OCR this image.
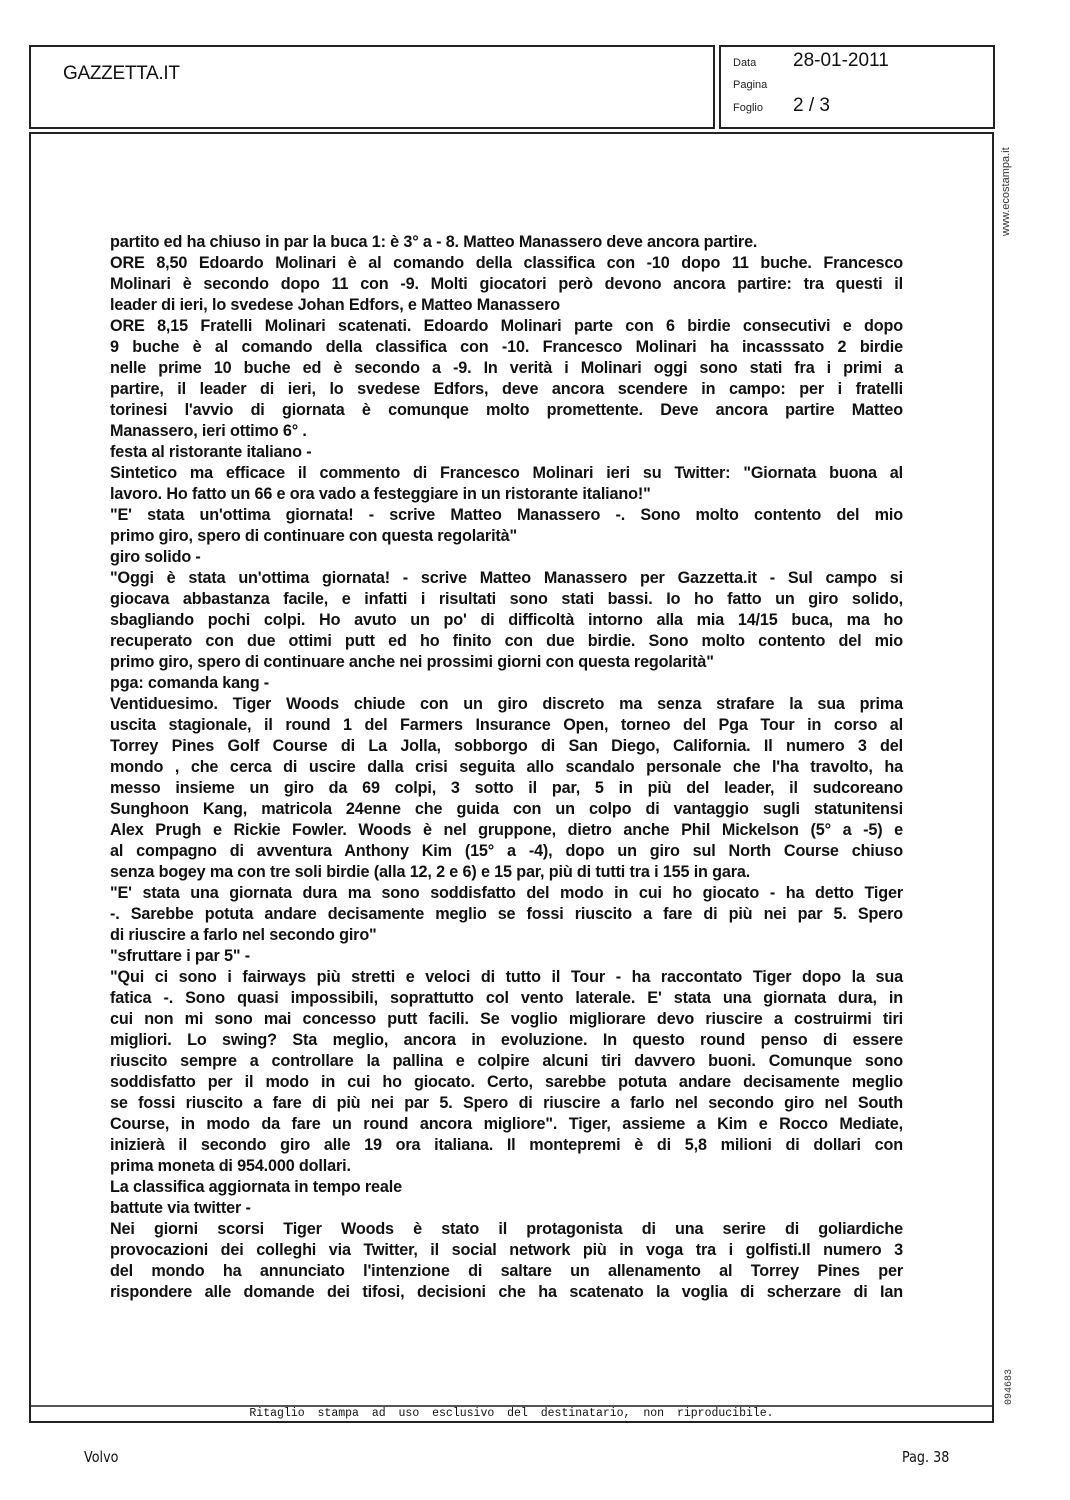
GAZZETTA.IT	Data 28-01-2011
Pagina
Foglio 2 / 3
www.ecostampa.it
094683
Ritaglio stampa ad uso esclusivo del destinatario, non riproducibile.
partito ed ha chiuso in par la buca 1: è 3° a - 8. Matteo Manassero deve ancora partire.
ORE 8,50 Edoardo Molinari è al comando della classifica con -10 dopo 11 buche. Francesco
Molinari è secondo dopo 11 con -9. Molti giocatori però devono ancora partire: tra questi il
leader di ieri, lo svedese Johan Edfors, e Matteo Manassero
ORE 8,15 Fratelli Molinari scatenati. Edoardo Molinari parte con 6 birdie consecutivi e dopo
9 buche è al comando della classifica con -10. Francesco Molinari ha incasssato 2 birdie
nelle prime 10 buche ed è secondo a -9. In verità i Molinari oggi sono stati fra i primi a
partire, il leader di ieri, lo svedese Edfors, deve ancora scendere in campo: per i fratelli
torinesi l'avvio di giornata è comunque molto promettente. Deve ancora partire Matteo
Manassero, ieri ottimo 6° .
festa al ristorante italiano -
Sintetico ma efficace il commento di Francesco Molinari ieri su Twitter: "Giornata buona al
lavoro. Ho fatto un 66 e ora vado a festeggiare in un ristorante italiano!"
"E' stata un'ottima giornata! - scrive Matteo Manassero -. Sono molto contento del mio
primo giro, spero di continuare con questa regolarità"
giro solido -
"Oggi è stata un'ottima giornata! - scrive Matteo Manassero per Gazzetta.it - Sul campo si
giocava abbastanza facile, e infatti i risultati sono stati bassi. Io ho fatto un giro solido,
sbagliando pochi colpi. Ho avuto un po' di difficoltà intorno alla mia 14/15 buca, ma ho
recuperato con due ottimi putt ed ho finito con due birdie. Sono molto contento del mio
primo giro, spero di continuare anche nei prossimi giorni con questa regolarità"
pga: comanda kang -
Ventiduesimo. Tiger Woods chiude con un giro discreto ma senza strafare la sua prima
uscita stagionale, il round 1 del Farmers Insurance Open, torneo del Pga Tour in corso al
Torrey Pines Golf Course di La Jolla, sobborgo di San Diego, California. Il numero 3 del
mondo , che cerca di uscire dalla crisi seguita allo scandalo personale che l'ha travolto, ha
messo insieme un giro da 69 colpi, 3 sotto il par, 5 in più del leader, il sudcoreano
Sunghoon Kang, matricola 24enne che guida con un colpo di vantaggio sugli statunitensi
Alex Prugh e Rickie Fowler. Woods è nel gruppone, dietro anche Phil Mickelson (5° a -5) e
al compagno di avventura Anthony Kim (15° a -4), dopo un giro sul North Course chiuso
senza bogey ma con tre soli birdie (alla 12, 2 e 6) e 15 par, più di tutti tra i 155 in gara.
"E' stata una giornata dura ma sono soddisfatto del modo in cui ho giocato - ha detto Tiger
-. Sarebbe potuta andare decisamente meglio se fossi riuscito a fare di più nei par 5. Spero
di riuscire a farlo nel secondo giro"
"sfruttare i par 5" -
"Qui ci sono i fairways più stretti e veloci di tutto il Tour - ha raccontato Tiger dopo la sua
fatica -. Sono quasi impossibili, soprattutto col vento laterale. E' stata una giornata dura, in
cui non mi sono mai concesso putt facili. Se voglio migliorare devo riuscire a costruirmi tiri
migliori. Lo swing? Sta meglio, ancora in evoluzione. In questo round penso di essere
riuscito sempre a controllare la pallina e colpire alcuni tiri davvero buoni. Comunque sono
soddisfatto per il modo in cui ho giocato. Certo, sarebbe potuta andare decisamente meglio
se fossi riuscito a fare di più nei par 5. Spero di riuscire a farlo nel secondo giro nel South
Course, in modo da fare un round ancora migliore". Tiger, assieme a Kim e Rocco Mediate,
inizierà il secondo giro alle 19 ora italiana. Il montepremi è di 5,8 milioni di dollari con
prima moneta di 954.000 dollari.
La classifica aggiornata in tempo reale
battute via twitter -
Nei giorni scorsi Tiger Woods è stato il protagonista di una serire di goliardiche
provocazioni dei colleghi via Twitter, il social network più in voga tra i golfisti.Il numero 3
del mondo ha annunciato l'intenzione di saltare un allenamento al Torrey Pines per
rispondere alle domande dei tifosi, decisioni che ha scatenato la voglia di scherzare di Ian
Volvo	Pag. 38
